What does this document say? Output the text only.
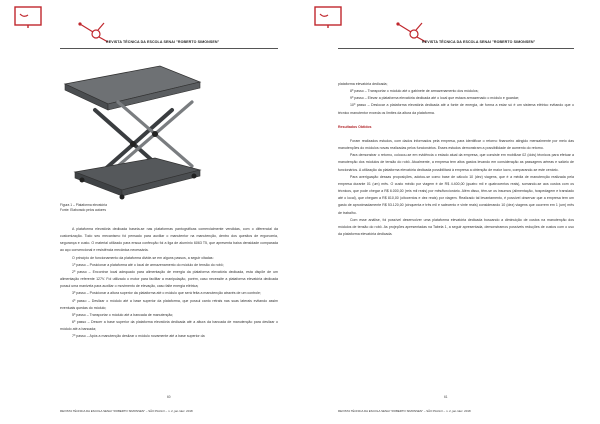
REVISTA TÉCNICA DA ESCOLA SENAI "ROBERTO SIMONSEN"
Figura 1 – Plataforma elevatória
Fonte: Elaborado pelos autores

A plataforma elevatória dedicada baseia-se nas plataformas pantográficas comercialmente vendidas, com o diferencial da customização. Todo seu mecanismo foi pensado para auxiliar o manutentor na manutenção, dentro dos quesitos de ergonomia, segurança e custo. O material utilizado para ensua confecção foi a liga de alumínio 6063 T5, que apresenta baixa densidade comparada ao aço convencional e resistência mecânica necessária.

O princípio de funcionamento da plataforma divide-se em alguns passos, a seguir citadas:

1º passo – Posicionar a plataforma até o local de armazenamento do módulo de tensão do robô;

2º passo – Encontrar local adequado para alimentação de energia da plataforma elevatória dedicada, esta dispõe de um alimentação referente 127V. Foi utilizado o motor para facilitar a manipulação, porém, caso necessite a plataforma elevatória dedicada possui uma manivela para auxiliar o movimento de elevação, caso falte energia elétrica;

3º passo – Posicionar a altura superior da plataforma até o módulo que será feita a manutenção através de um controle;

4º passo – Deslizar o módulo até a base superior da plataforma, que possui canto retrais nas suas laterais evitando assim eventuais quedas do módulo;

5º passo – Transportar o módulo até a bancada de manutenção;

6º passo – Descer a base superior da plataforma elevatória dedicada até a altura da bancada de manutenção para deslizar o módulo até a bancada;

7º passo – Após a manutenção deslizar o módulo novamente até a base superior da

60
REVISTA TÉCNICA DA ESCOLA SENAI "ROBERTO SIMONSEN" – SÃO PAULO – n. 2, jan./dez. 2018
REVISTA TÉCNICA DA ESCOLA SENAI "ROBERTO SIMONSEN"

plataforma elevatória dedicada;

8º passo – Transportar o módulo até o gabinete de armazenamento dos módulos;

9º passo – Elevar a plataforma elevatória dedicada até o local que estava armazenado o módulo e guardar;

10º passo – Deslocar a plataforma elevatória dedicada até a fonte de energia, de forma a estar só é um sistema elétrico evitando que o técnico manutentor exceda os limites da altura da plataforma.

Resultados Obtidos

Foram realizados estudos, com dados informados pela empresa, para identificar o retorno financeiro atingido mensalmente por meio das manutenções do módulos novas realizadas pelos funcionários. Esses estudos demonstram a possibilidade de aumento do retorno.

Para demonstrar o retorno, colocou-se em evidência o estado atual da empresa, que consiste em mobilizar 02 (dois) técnicos para efetuar a manutenção dos módulos de tensão do robô. Atualmente, a empresa tem altos gastos levando em consideração as passagens aéreas e salário de funcionários. A utilização da plataforma elevatória dedicada possibilitará à empresa a obtenção de maior lucro, comparando-se este cenário.

Para averiguação dessas proposições, adotou-se como base de cálculo 10 (dez) viagens, que é a média de manutenção realizada pela empresa durante 01 (um) mês. O custo médio por viagem é de R$ 4.400,00 (quatro mil e quatrocentos reais), somando-se aos custos com os técnicos, que pode chegar a R$ 6.000,00 (reis mil reais) por mês/funcionário. Além disso, têm-se os insumos (alimentação, hospedagem e translado até o local), que chegam a R$ 810,00 (oitocentos e dez reais) por viagem. Realizado tal levantamento, é possível observar que a empresa tem um gasto de aproximadamente R$ 53.120,00 (cinquenta e três mil e salecento e vinte reais) considerando 10 (dez) viagens que ocorrem em 1 (um) mês de trabalho.

Com esse análise, foi possível desenvolver uma plataforma elevatória dedicada buscando a diminuição de custos na manutenção dos módulos de tensão do robô. As projeções apresentadas na Tabela 1, a seguir apresentada, demonstramos possíveis reduções de custos com o uso da plataforma elevatória dedicada.

61
REVISTA TÉCNICA DA ESCOLA SENAI "ROBERTO SIMONSEN" – SÃO PAULO – n. 2, jan./dez. 2018
